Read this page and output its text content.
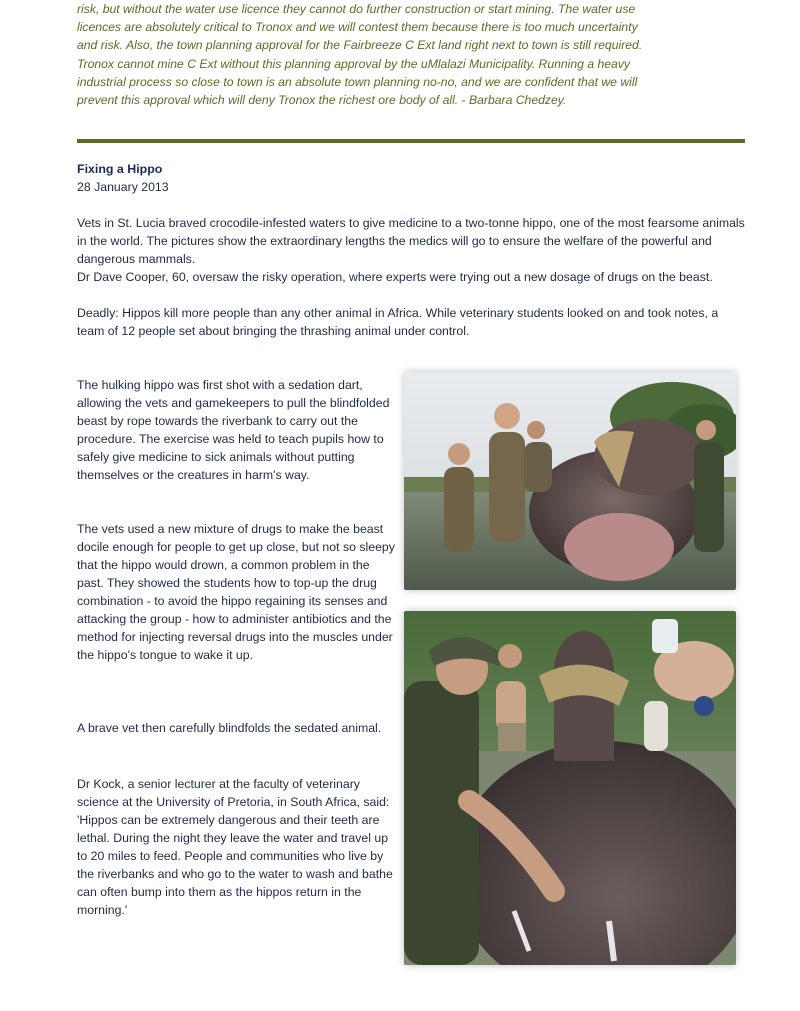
risk, but without the water use licence they cannot do further construction or start mining. The water use
licences are absolutely critical to Tronox and we will contest them because there is too much uncertainty
and risk. Also, the town planning approval for the Fairbreeze C Ext land right next to town is still required.
Tronox cannot mine C Ext without this planning approval by the uMlalazi Municipality. Running a heavy
industrial process so close to town is an absolute town planning no-no, and we are confident that we will
prevent this approval which will deny Tronox the richest ore body of all. - Barbara Chedzey.
Fixing a Hippo
28 January 2013
Vets in St. Lucia braved crocodile-infested waters to give medicine to a two-tonne hippo, one of the most fearsome animals in the world. The pictures show the extraordinary lengths the medics will go to ensure the welfare of the powerful and dangerous mammals.
Dr Dave Cooper, 60, oversaw the risky operation, where experts were trying out a new dosage of drugs on the beast.
Deadly: Hippos kill more people than any other animal in Africa. While veterinary students looked on and took notes, a team of 12 people set about bringing the thrashing animal under control.
The hulking hippo was first shot with a sedation dart, allowing the vets and gamekeepers to pull the blindfolded beast by rope towards the riverbank to carry out the procedure. The exercise was held to teach pupils how to safely give medicine to sick animals without putting themselves or the creatures in harm's way.
The vets used a new mixture of drugs to make the beast docile enough for people to get up close, but not so sleepy that the hippo would drown, a common problem in the past. They showed the students how to top-up the drug combination - to avoid the hippo regaining its senses and attacking the group - how to administer antibiotics and the method for injecting reversal drugs into the muscles under the hippo's tongue to wake it up.
A brave vet then carefully blindfolds the sedated animal.
Dr Kock, a senior lecturer at the faculty of veterinary science at the University of Pretoria, in South Africa, said: 'Hippos can be extremely dangerous and their teeth are lethal. During the night they leave the water and travel up to 20 miles to feed. People and communities who live by the riverbanks and who go to the water to wash and bathe can often bump into them as the hippos return in the morning.'
